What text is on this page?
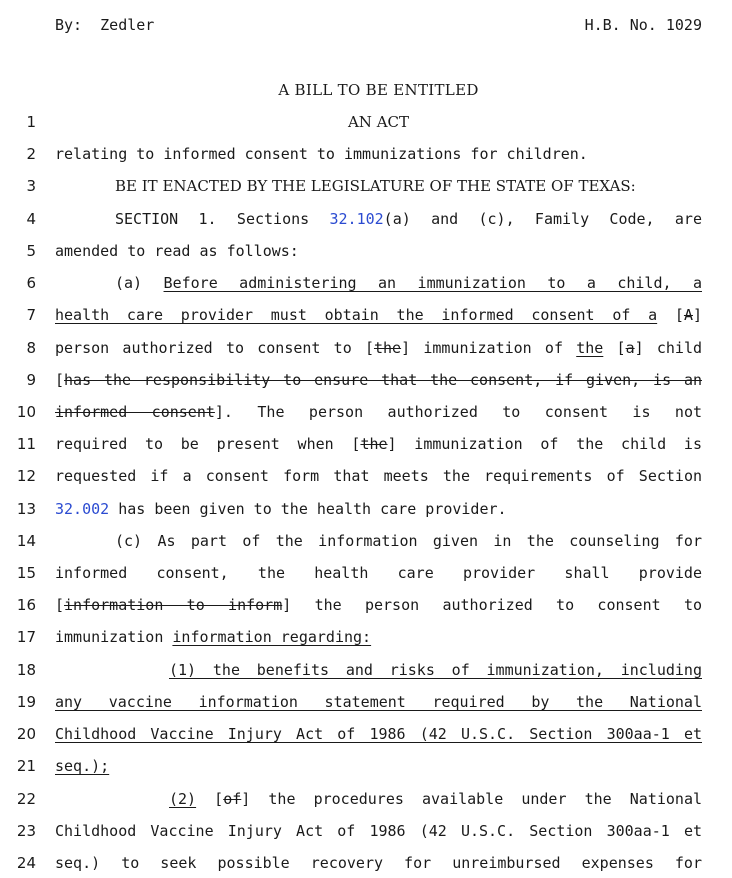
By:  Zedler	H.B. No. 1029
A BILL TO BE ENTITLED
1	AN ACT
2 relating to informed consent to immunizations for children.
3	BE IT ENACTED BY THE LEGISLATURE OF THE STATE OF TEXAS:
4	SECTION 1. Sections 32.102(a) and (c), Family Code, are
5 amended to read as follows:
6	(a) Before administering an immunization to a child, a
7 health care provider must obtain the informed consent of a [A]
8 person authorized to consent to [the] immunization of the [a] child
9 [has the responsibility to ensure that the consent, if given, is an
10 informed consent]. The person authorized to consent is not
11 required to be present when [the] immunization of the child is
12 requested if a consent form that meets the requirements of Section
13 32.002 has been given to the health care provider.
14	(c) As part of the information given in the counseling for
15 informed consent, the health care provider shall provide
16 [information to inform] the person authorized to consent to
17 immunization information regarding:
18	(1) the benefits and risks of immunization, including
19 any vaccine information statement required by the National
20 Childhood Vaccine Injury Act of 1986 (42 U.S.C. Section 300aa-1 et
21 seq.);
22	(2) [of] the procedures available under the National
23 Childhood Vaccine Injury Act of 1986 (42 U.S.C. Section 300aa-1 et
24 seq.) to seek possible recovery for unreimbursed expenses for
